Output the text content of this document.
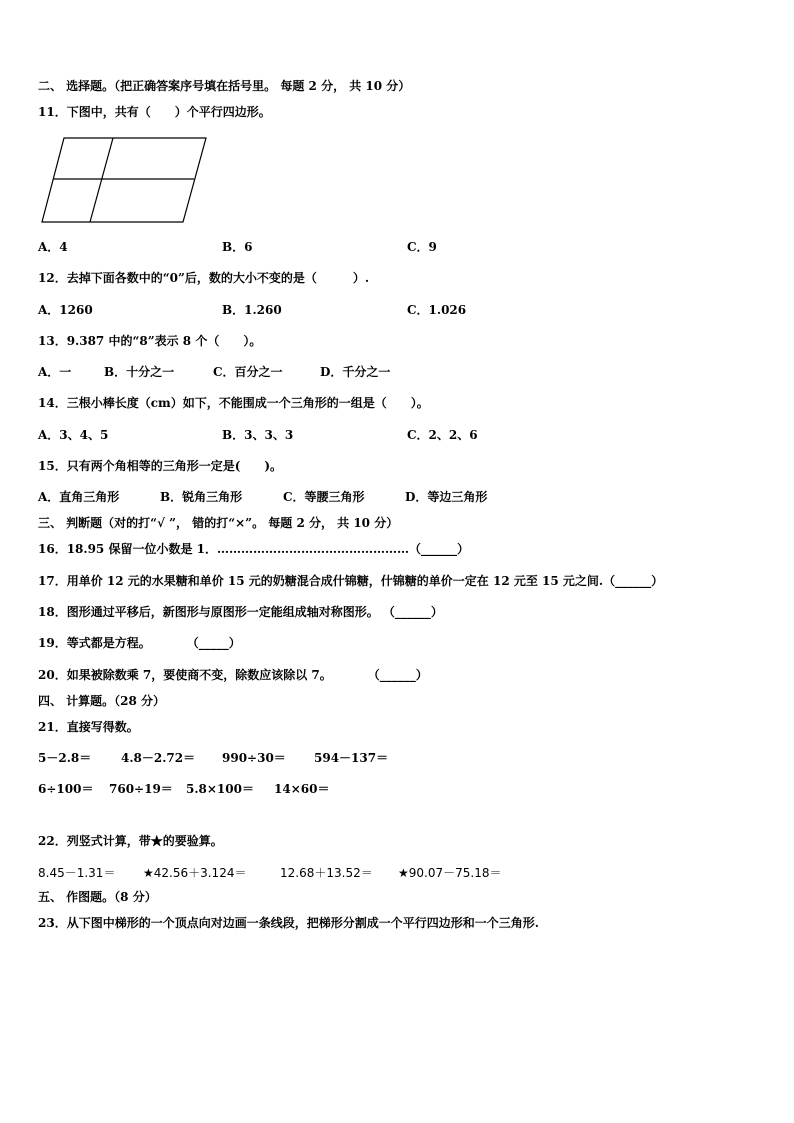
二、 选择题。（把正确答案序号填在括号里。 每题 2 分， 共 10 分）
11．下图中，共有（　　）个平行四边形。
A．4	B．6	C．9
12．去掉下面各数中的“0”后，数的大小不变的是（　　　）.
A．1260	B．1.260	C．1.026
13．9.387 中的“8”表示 8 个（　　）。
A．一	B．十分之一	C．百分之一	D．千分之一
14．三根小棒长度（cm）如下，不能围成一个三角形的一组是（　　）。
A．3、4、5	B．3、3、3	C．2、2、6
15．只有两个角相等的三角形一定是(　　)。
A．直角三角形	B．锐角三角形	C．等腰三角形	D．等边三角形
三、 判断题（对的打“√ ”， 错的打“×”。 每题 2 分， 共 10 分）
16．18.95 保留一位小数是 1．…………………………………………（______）
17．用单价 12 元的水果糖和单价 15 元的奶糖混合成什锦糖，什锦糖的单价一定在 12 元至 15 元之间.（______）
18．图形通过平移后，新图形与原图形一定能组成轴对称图形。 （______）
19．等式都是方程。　　　　（_____）
20．如果被除数乘 7，要使商不变，除数应该除以 7。　　　　（______）
四、 计算题。（28 分）
21．直接写得数。
5－2.8＝ 4.8－2.72＝ 990÷30＝ 594－137＝
6÷100＝ 760÷19＝ 5.8×100＝ 14×60＝
22．列竖式计算，带★的要验算。
8.45－1.31＝ ★42.56＋3.124＝	12.68＋13.52＝ ★90.07－75.18＝
五、 作图题。（8 分）
23．从下图中梯形的一个顶点向对边画一条线段，把梯形分割成一个平行四边形和一个三角形.
